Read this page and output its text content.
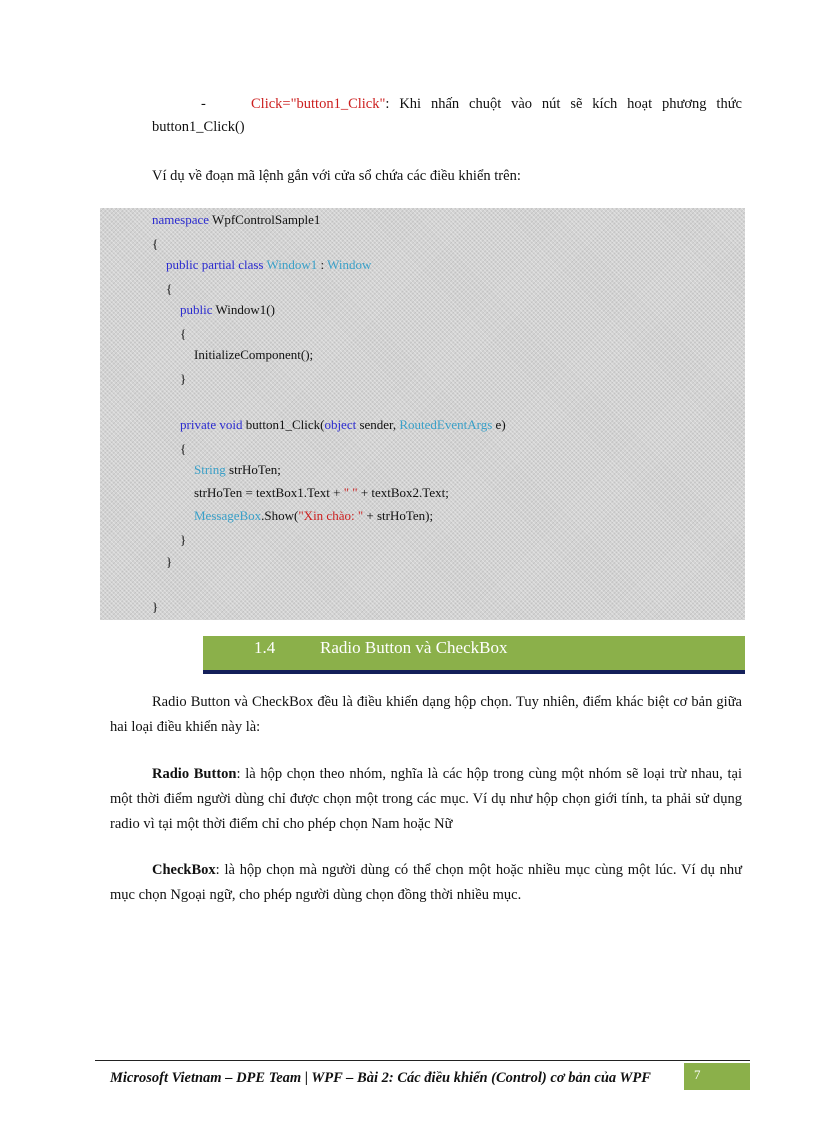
-	Click="button1_Click": Khi nhấn chuột vào nút sẽ kích hoạt phương thức
button1_Click()
Ví dụ về đoạn mã lệnh gắn với cửa sổ chứa các điều khiển trên:
namespace WpfControlSample1
{
public partial class Window1 : Window
{
public Window1()
{
InitializeComponent();
}
private void button1_Click(object sender, RoutedEventArgs e)
{
String strHoTen;
strHoTen = textBox1.Text + " " + textBox2.Text;
MessageBox.Show("Xin chào: " + strHoTen);
}
}
}
1.4	Radio Button và CheckBox

Radio Button và CheckBox đều là điều khiển dạng hộp chọn. Tuy nhiên, điểm khác biệt cơ bản giữa hai loại điều khiển này là:

Radio Button: là hộp chọn theo nhóm, nghĩa là các hộp trong cùng một nhóm sẽ loại trừ nhau, tại một thời điểm người dùng chỉ được chọn một trong các mục. Ví dụ như hộp chọn giới tính, ta phải sử dụng radio vì tại một thời điểm chỉ cho phép chọn Nam hoặc Nữ

CheckBox: là hộp chọn mà người dùng có thể chọn một hoặc nhiều mục cùng một lúc. Ví dụ như mục chọn Ngoại ngữ, cho phép người dùng chọn đồng thời nhiều mục.

Microsoft Vietnam – DPE Team | WPF – Bài 2: Các điều khiển (Control) cơ bản của WPF	7
